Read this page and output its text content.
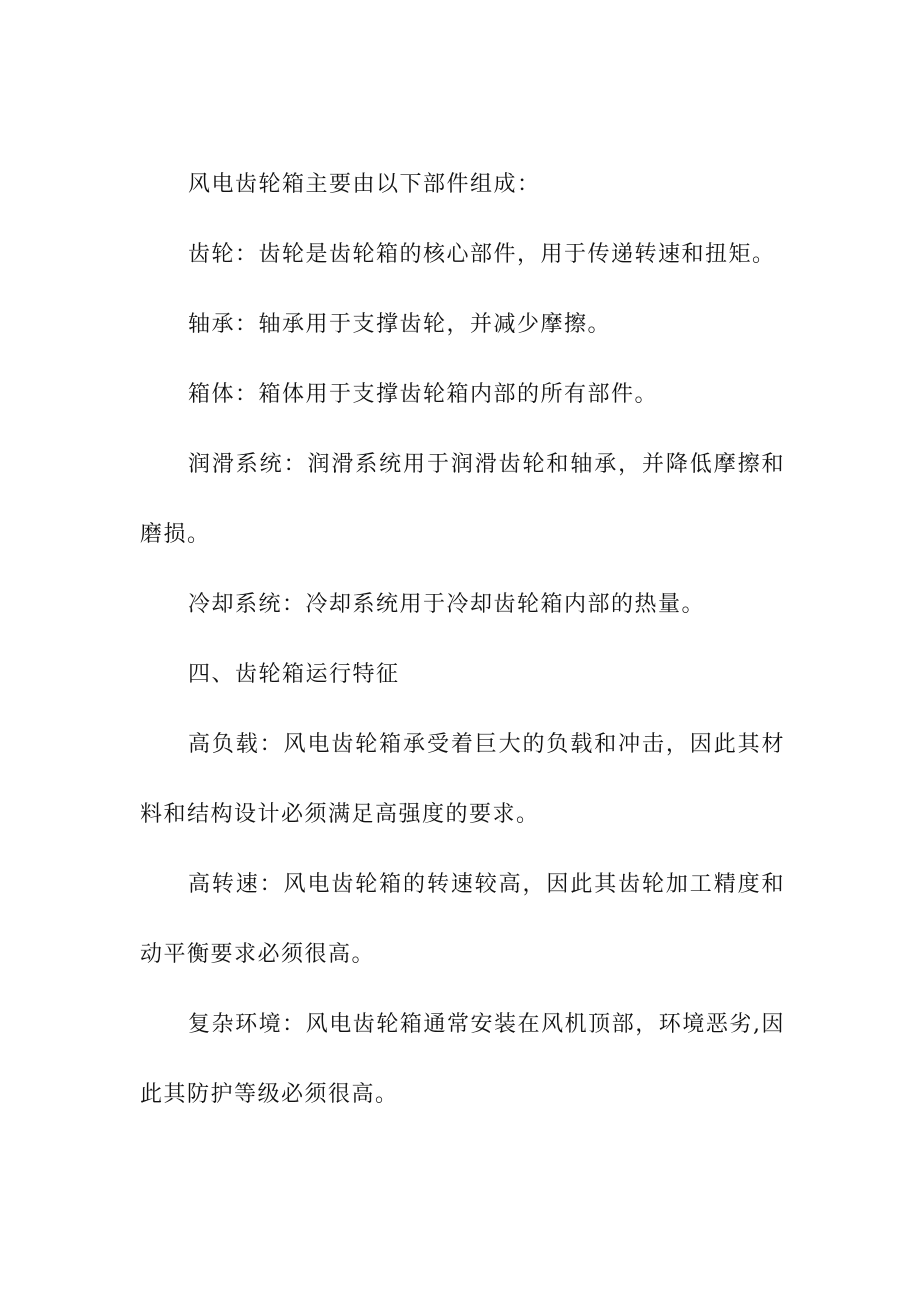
风电齿轮箱主要由以下部件组成：

齿轮：齿轮是齿轮箱的核心部件，用于传递转速和扭矩。

轴承：轴承用于支撑齿轮，并减少摩擦。

箱体：箱体用于支撑齿轮箱内部的所有部件。

润滑系统：润滑系统用于润滑齿轮和轴承，并降低摩擦和磨损。

冷却系统：冷却系统用于冷却齿轮箱内部的热量。

四、齿轮箱运行特征

高负载：风电齿轮箱承受着巨大的负载和冲击，因此其材料和结构设计必须满足高强度的要求。

高转速：风电齿轮箱的转速较高，因此其齿轮加工精度和动平衡要求必须很高。

复杂环境：风电齿轮箱通常安装在风机顶部，环境恶劣,因此其防护等级必须很高。
